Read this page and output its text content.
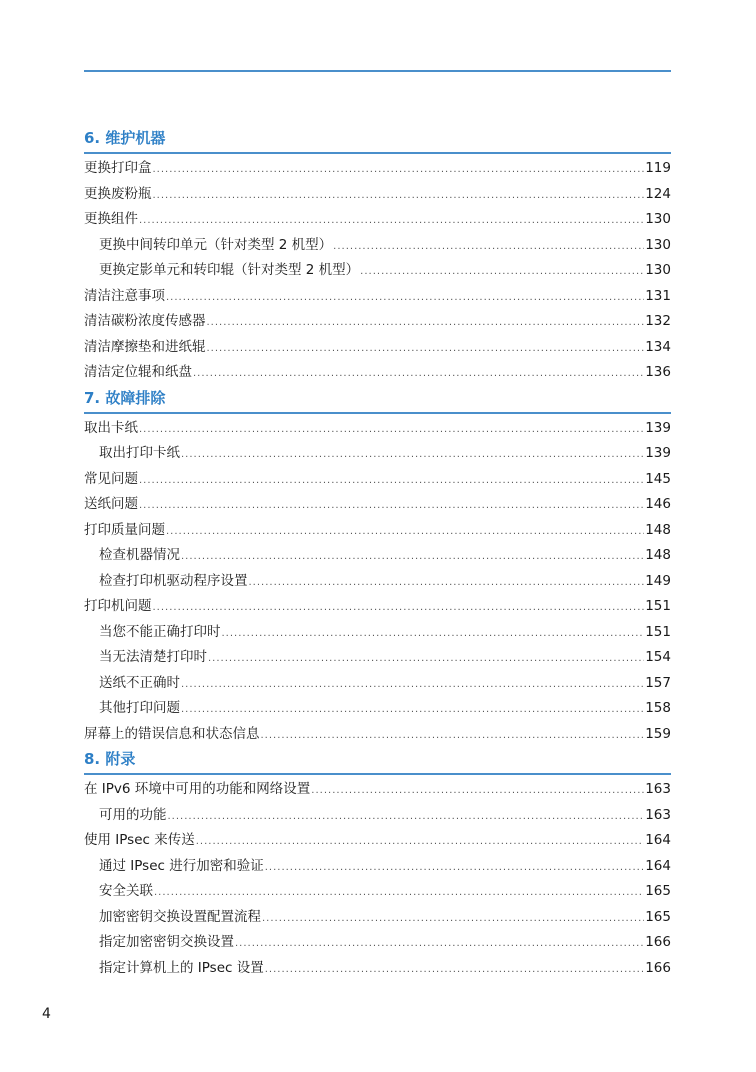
6. 维护机器
更换打印盒 .....	119
更换废粉瓶 .....	124
更换组件 .....	130
更换中间转印单元（针对类型 2 机型） .....	130
更换定影单元和转印辊（针对类型 2 机型） .....	130
清洁注意事项 .....	131
清洁碳粉浓度传感器 .....	132
清洁摩擦垫和进纸辊 .....	134
清洁定位辊和纸盘 .....	136
7. 故障排除
取出卡纸 .....	139
取出打印卡纸 .....	139
常见问题 .....	145
送纸问题 .....	146
打印质量问题 .....	148
检查机器情况 .....	148
检查打印机驱动程序设置 .....	149
打印机问题 .....	151
当您不能正确打印时 .....	151
当无法清楚打印时 .....	154
送纸不正确时 .....	157
其他打印问题 .....	158
屏幕上的错误信息和状态信息 .....	159
8. 附录
在 IPv6 环境中可用的功能和网络设置 .....	163
可用的功能 .....	163
使用 IPsec 来传送 .....	164
通过 IPsec 进行加密和验证 .....	164
安全关联 .....	165
加密密钥交换设置配置流程 .....	165
指定加密密钥交换设置 .....	166
指定计算机上的 IPsec 设置 .....	166
4
